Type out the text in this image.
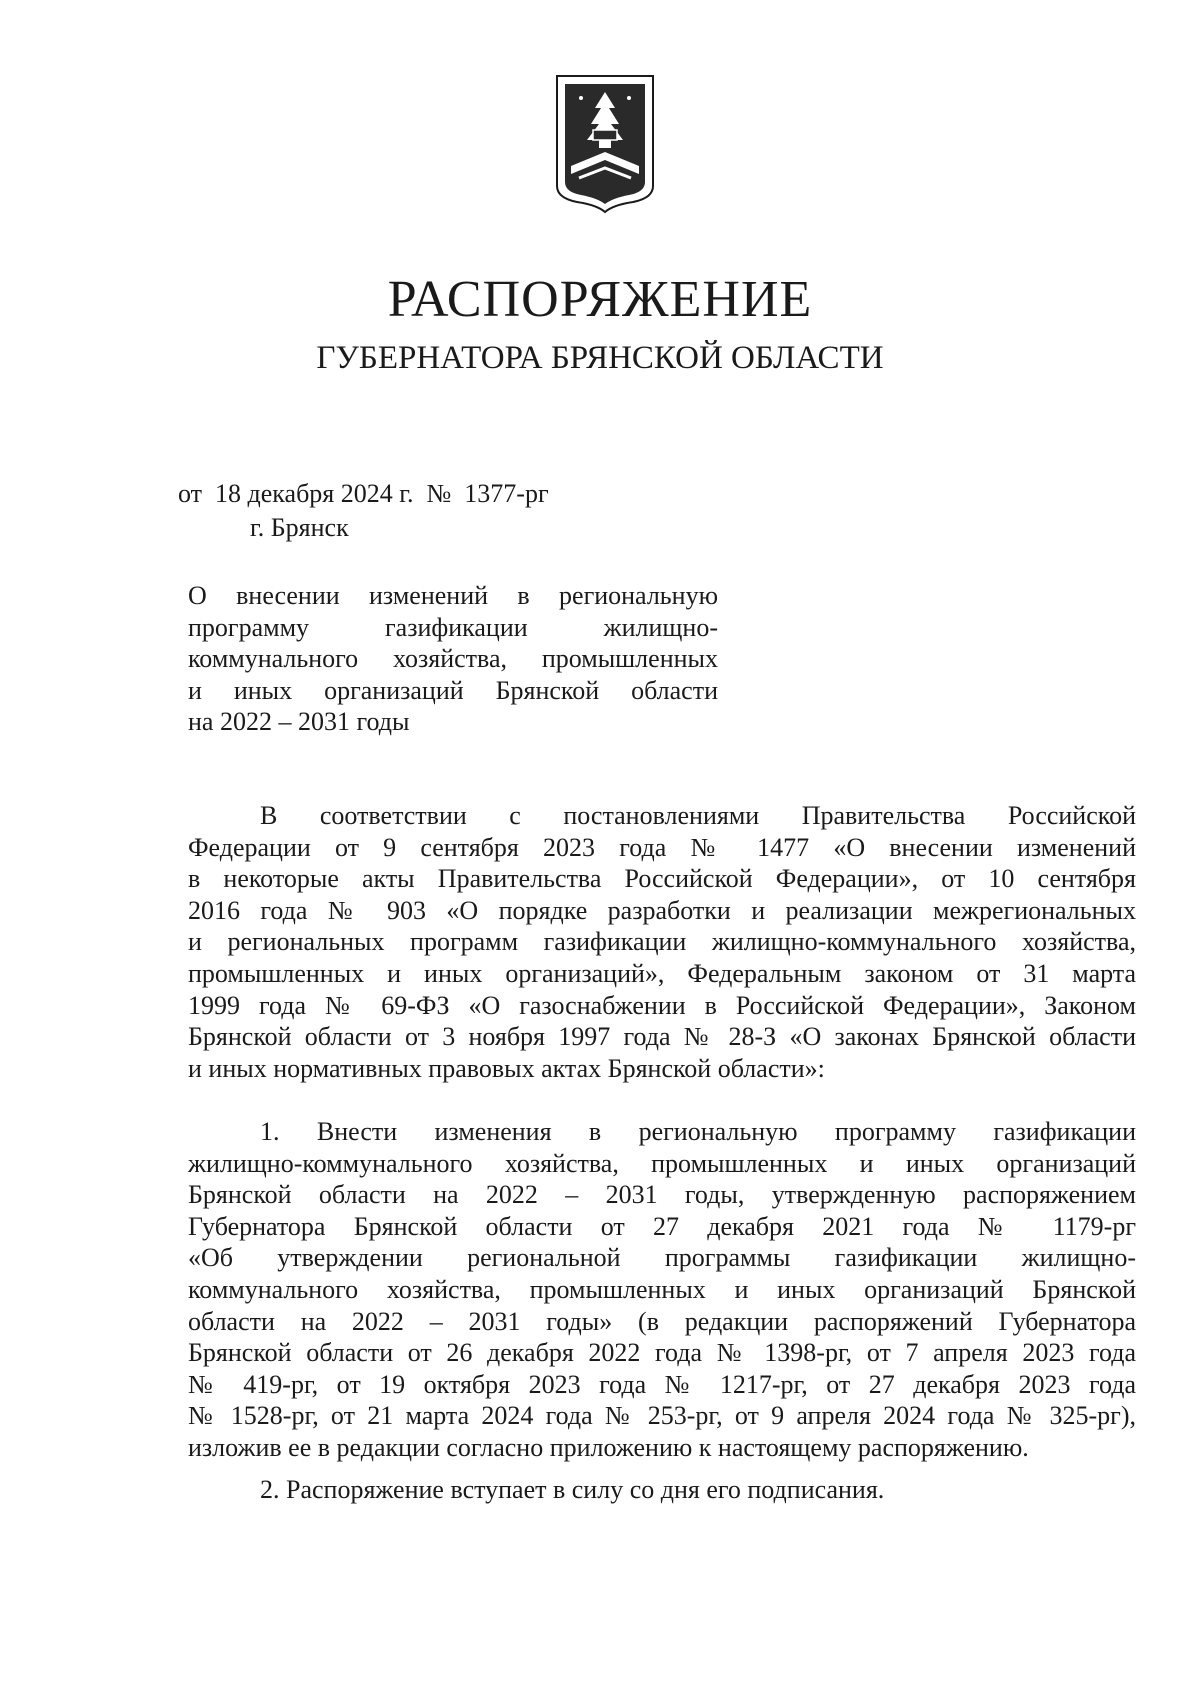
РАСПОРЯЖЕНИЕ
ГУБЕРНАТОРА БРЯНСКОЙ ОБЛАСТИ
от  18 декабря 2024 г.  №  1377-рг
г. Брянск
О внесении изменений в региональную
программу газификации жилищно-
коммунального хозяйства, промышленных
и иных организаций Брянской области
на 2022 – 2031 годы
В соответствии с постановлениями Правительства Российской
Федерации от 9 сентября 2023 года № 1477 «О внесении изменений
в некоторые акты Правительства Российской Федерации», от 10 сентября
2016 года № 903 «О порядке разработки и реализации межрегиональных
и региональных программ газификации жилищно-коммунального хозяйства,
промышленных и иных организаций», Федеральным законом от 31 марта
1999 года № 69-ФЗ «О газоснабжении в Российской Федерации», Законом
Брянской области от 3 ноября 1997 года № 28-З «О законах Брянской области
и иных нормативных правовых актах Брянской области»:
1. Внести изменения в региональную программу газификации
жилищно-коммунального хозяйства, промышленных и иных организаций
Брянской области на 2022 – 2031 годы, утвержденную распоряжением
Губернатора Брянской области от 27 декабря 2021 года № 1179-рг
«Об утверждении региональной программы газификации жилищно-
коммунального хозяйства, промышленных и иных организаций Брянской
области на 2022 – 2031 годы» (в редакции распоряжений Губернатора
Брянской области от 26 декабря 2022 года № 1398-рг, от 7 апреля 2023 года
№ 419-рг, от 19 октября 2023 года № 1217-рг, от 27 декабря 2023 года
№ 1528-рг, от 21 марта 2024 года № 253-рг, от 9 апреля 2024 года № 325-рг),
изложив ее в редакции согласно приложению к настоящему распоряжению.
2. Распоряжение вступает в силу со дня его подписания.
